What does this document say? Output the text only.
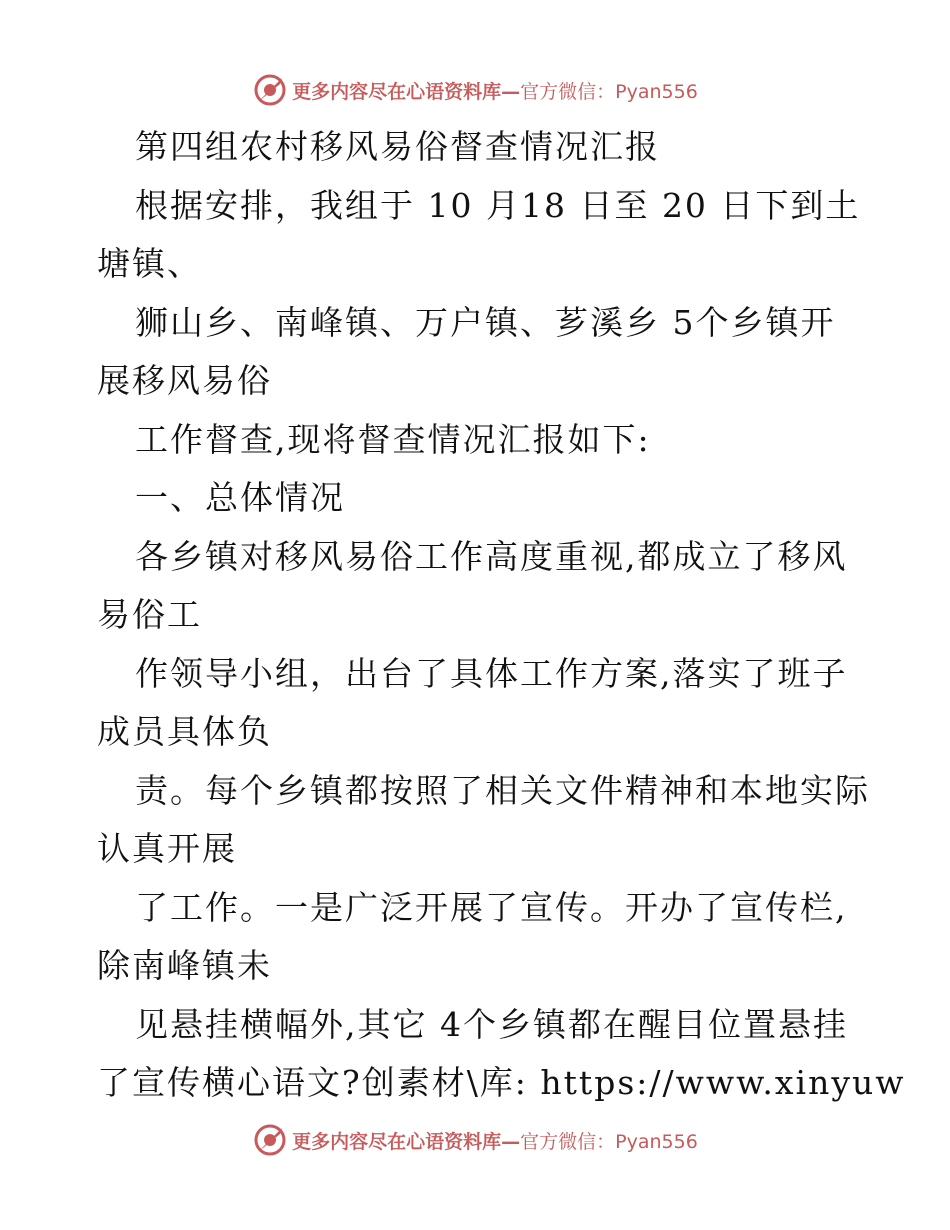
更多内容尽在心语资料库—官方微信：Pyan556
第四组农村移风易俗督查情况汇报
根据安排，我组于 10 月18 日至 20 日下到土
塘镇、
狮山乡、南峰镇、万户镇、芗溪乡 5个乡镇开
展移风易俗
工作督查,现将督查情况汇报如下:
一、总体情况
各乡镇对移风易俗工作高度重视,都成立了移风
易俗工
作领导小组，出台了具体工作方案,落实了班子
成员具体负
责。每个乡镇都按照了相关文件精神和本地实际
认真开展
了工作。一是广泛开展了宣传。开办了宣传栏,
除南峰镇未
见悬挂横幅外,其它 4个乡镇都在醒目位置悬挂
了宣传横心语文?创素材\库: https://www.xinyuw
更多内容尽在心语资料库—官方微信：Pyan556
